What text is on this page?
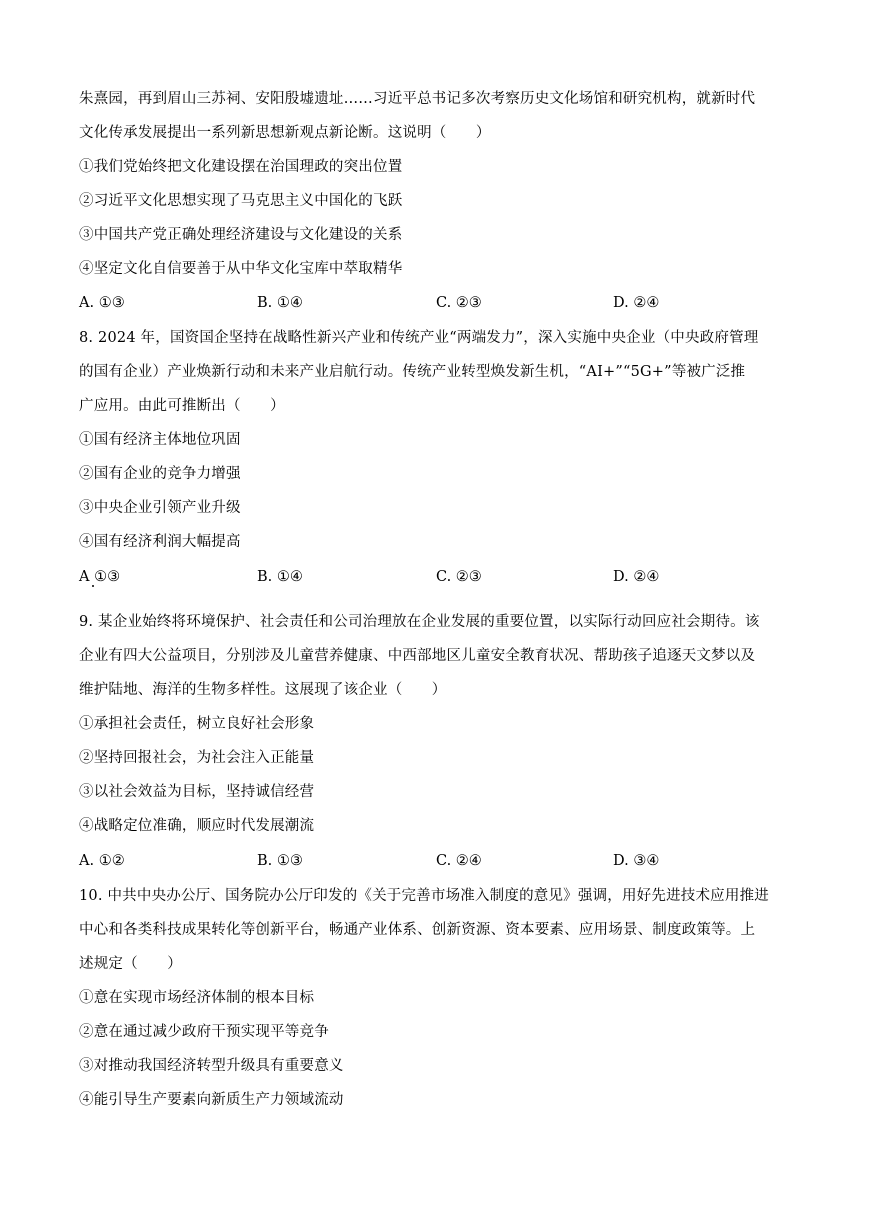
朱熹园，再到眉山三苏祠、安阳殷墟遗址……习近平总书记多次考察历史文化场馆和研究机构，就新时代
文化传承发展提出一系列新思想新观点新论断。这说明（　　）
①我们党始终把文化建设摆在治国理政的突出位置
②习近平文化思想实现了马克思主义中国化的飞跃
③中国共产党正确处理经济建设与文化建设的关系
④坚定文化自信要善于从中华文化宝库中萃取精华
A. ①③	B. ①④	C. ②③	D. ②④
8. 2024 年，国资国企坚持在战略性新兴产业和传统产业“两端发力”，深入实施中央企业（中央政府管理
的国有企业）产业焕新行动和未来产业启航行动。传统产业转型焕发新生机，“AI+”“5G+”等被广泛推
广应用。由此可推断出（　　）
①国有经济主体地位巩固
②国有企业的竞争力增强
③中央企业引领产业升级
④国有经济利润大幅提高
A ①③	B. ①④	C. ②③	D. ②④
9. 某企业始终将环境保护、社会责任和公司治理放在企业发展的重要位置，以实际行动回应社会期待。该
企业有四大公益项目，分别涉及儿童营养健康、中西部地区儿童安全教育状况、帮助孩子追逐天文梦以及
维护陆地、海洋的生物多样性。这展现了该企业（　　）
①承担社会责任，树立良好社会形象
②坚持回报社会，为社会注入正能量
③以社会效益为目标，坚持诚信经营
④战略定位准确，顺应时代发展潮流
A. ①②	B. ①③	C. ②④	D. ③④
10. 中共中央办公厅、国务院办公厅印发的《关于完善市场准入制度的意见》强调，用好先进技术应用推进
中心和各类科技成果转化等创新平台，畅通产业体系、创新资源、资本要素、应用场景、制度政策等。上
述规定（　　）
①意在实现市场经济体制的根本目标
②意在通过减少政府干预实现平等竞争
③对推动我国经济转型升级具有重要意义
④能引导生产要素向新质生产力领域流动
